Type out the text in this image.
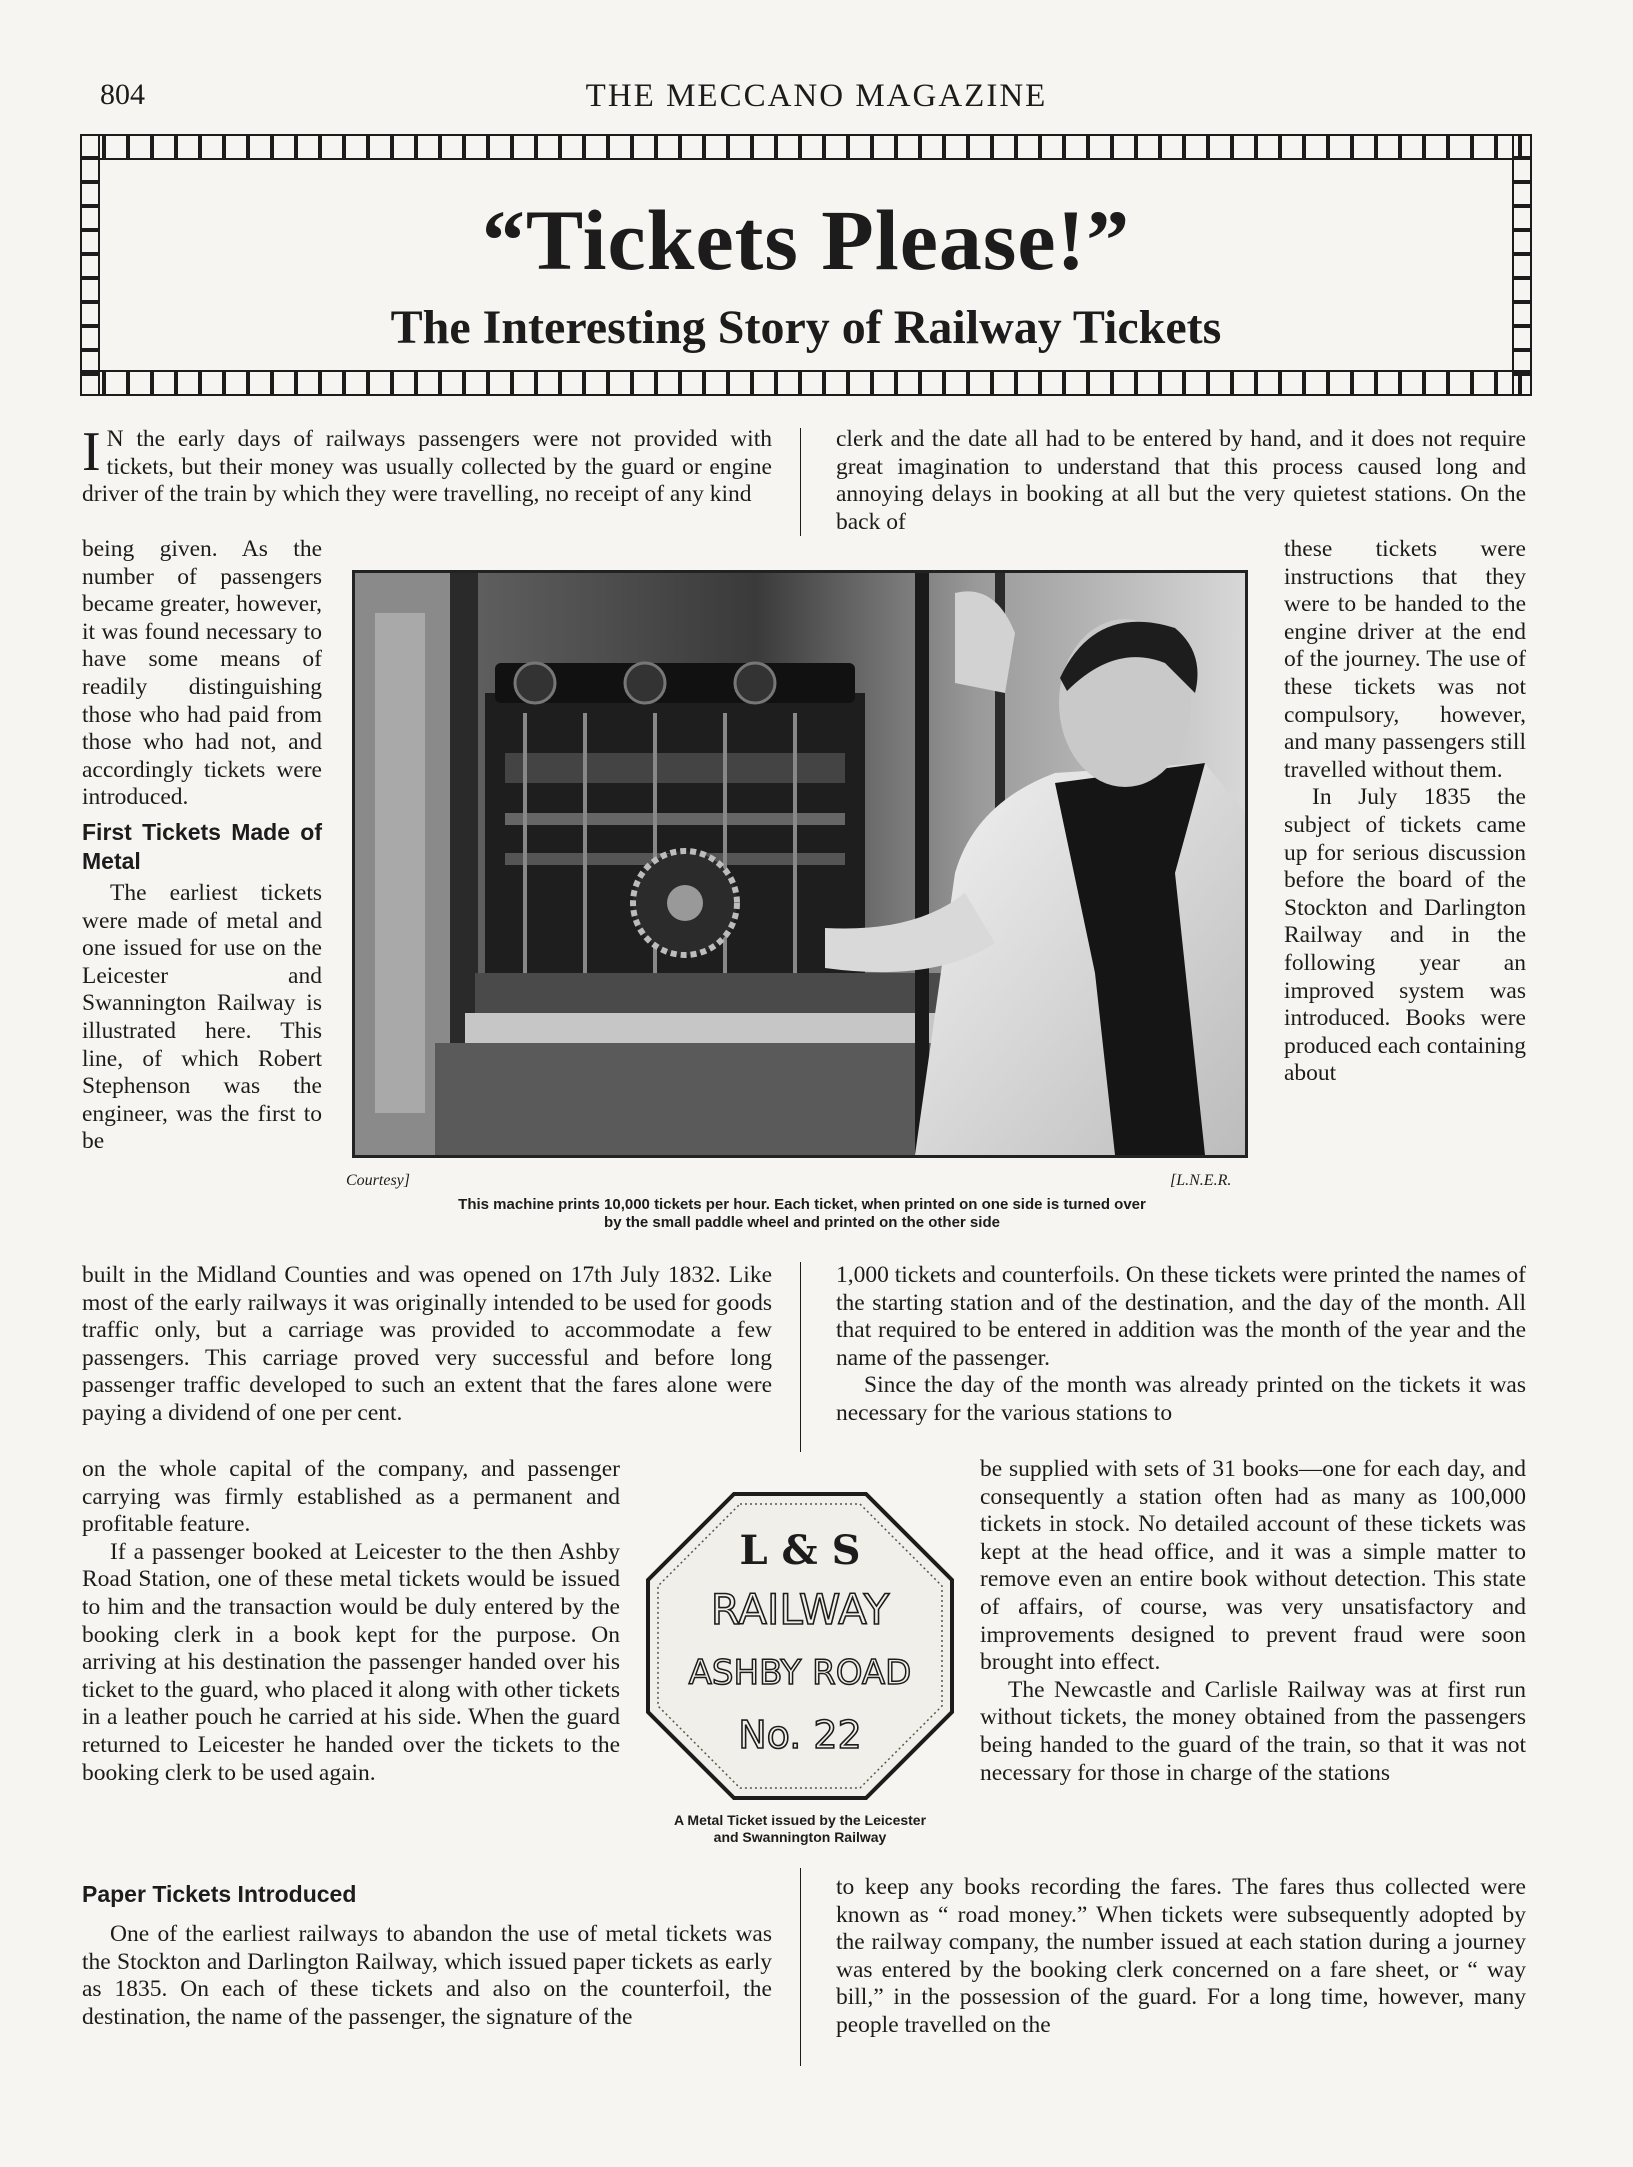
804	THE MECCANO MAGAZINE
“Tickets Please!”
The Interesting Story of Railway Tickets
I N the early days of railways passengers were not provided with tickets, but their money was usually collected by the guard or engine driver of the train by which they were travelling, no receipt of any kind

being given. As the number of passengers became greater, however, it was found necessary to have some means of readily distinguishing those who had paid from those who had not, and accordingly tickets were introduced.

First Tickets Made of Metal

The earliest tickets were made of metal and one issued for use on the Leicester and Swannington Railway is illustrated here. This line, of which Robert Stephenson was the engineer, was the first to be

clerk and the date all had to be entered by hand, and it does not require great imagination to understand that this process caused long and annoying delays in booking at all but the very quietest stations. On the back of

these tickets were instructions that they were to be handed to the engine driver at the end of the journey. The use of these tickets was not compulsory, however, and many passengers still travelled without them.

In July 1835 the subject of tickets came up for serious discussion before the board of the Stockton and Darlington Railway and in the following year an improved system was introduced. Books were produced each containing about

Courtesy]	[L.N.E.R.
This machine prints 10,000 tickets per hour. Each ticket, when printed on one side is turned over
by the small paddle wheel and printed on the other side

built in the Midland Counties and was opened on 17th July 1832. Like most of the early railways it was originally intended to be used for goods traffic only, but a carriage was provided to accommodate a few passengers. This carriage proved very successful and before long passenger traffic developed to such an extent that the fares alone were paying a dividend of one per cent.

on the whole capital of the company, and passenger carrying was firmly established as a permanent and profitable feature.

If a passenger booked at Leicester to the then Ashby Road Station, one of these metal tickets would be issued to him and the transaction would be duly entered by the booking clerk in a book kept for the purpose. On arriving at his destination the passenger handed over his ticket to the guard, who placed it along with other tickets in a leather pouch he carried at his side. When the guard returned to Leicester he handed over the tickets to the booking clerk to be used again.

Paper Tickets Introduced

One of the earliest railways to abandon the use of metal tickets was the Stockton and Darlington Railway, which issued paper tickets as early as 1835. On each of these tickets and also on the counterfoil, the destination, the name of the passenger, the signature of the

L & S
RAILWAY
ASHBY ROAD
No. 22
A Metal Ticket issued by the Leicester
and Swannington Railway

1,000 tickets and counterfoils. On these tickets were printed the names of the starting station and of the destination, and the day of the month. All that required to be entered in addition was the month of the year and the name of the passenger.

Since the day of the month was already printed on the tickets it was necessary for the various stations to

be supplied with sets of 31 books—one for each day, and consequently a station often had as many as 100,000 tickets in stock. No detailed account of these tickets was kept at the head office, and it was a simple matter to remove even an entire book without detection. This state of affairs, of course, was very unsatisfactory and improvements designed to prevent fraud were soon brought into effect.

The Newcastle and Carlisle Railway was at first run without tickets, the money obtained from the passengers being handed to the guard of the train, so that it was not necessary for those in charge of the stations

to keep any books recording the fares. The fares thus collected were known as “ road money.” When tickets were subsequently adopted by the railway company, the number issued at each station during a journey was entered by the booking clerk concerned on a fare sheet, or “ way bill,” in the possession of the guard. For a long time, however, many people travelled on the
